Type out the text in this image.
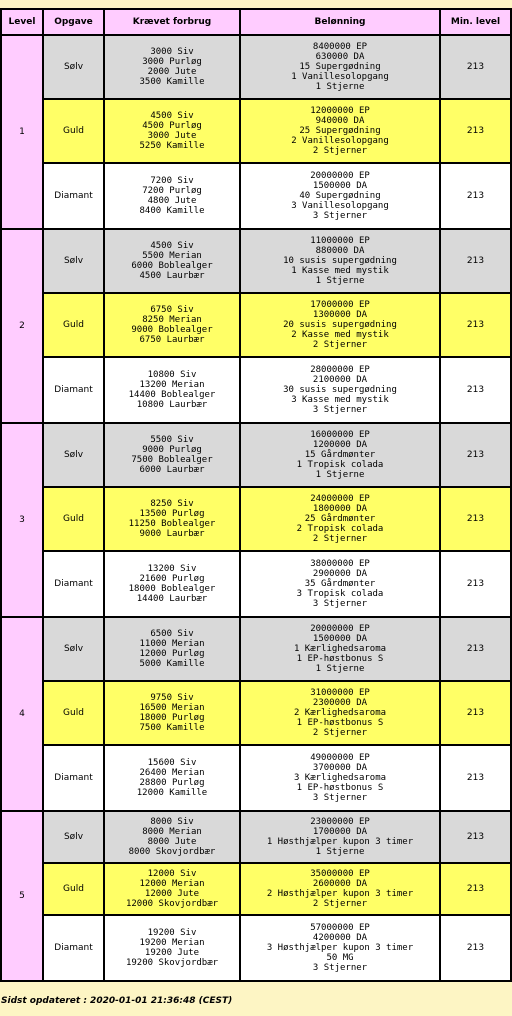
Level	Opgave	Krævet forbrug	Belønning	Min. level
1	Sølv	3000 Siv
3000 Purløg
2000 Jute
3500 Kamille	8400000 EP
630000 DA
15 Supergødning
1 Vanillesolopgang
1 Stjerne	213
	Guld	4500 Siv
4500 Purløg
3000 Jute
5250 Kamille	12000000 EP
940000 DA
25 Supergødning
2 Vanillesolopgang
2 Stjerner	213
	Diamant	7200 Siv
7200 Purløg
4800 Jute
8400 Kamille	20000000 EP
1500000 DA
40 Supergødning
3 Vanillesolopgang
3 Stjerner	213
2	Sølv	4500 Siv
5500 Merian
6000 Boblealger
4500 Laurbær	11000000 EP
880000 DA
10 susis supergødning
1 Kasse med mystik
1 Stjerne	213
	Guld	6750 Siv
8250 Merian
9000 Boblealger
6750 Laurbær	17000000 EP
1300000 DA
20 susis supergødning
2 Kasse med mystik
2 Stjerner	213
	Diamant	10800 Siv
13200 Merian
14400 Boblealger
10800 Laurbær	28000000 EP
2100000 DA
30 susis supergødning
3 Kasse med mystik
3 Stjerner	213
3	Sølv	5500 Siv
9000 Purløg
7500 Boblealger
6000 Laurbær	16000000 EP
1200000 DA
15 Gårdmønter
1 Tropisk colada
1 Stjerne	213
	Guld	8250 Siv
13500 Purløg
11250 Boblealger
9000 Laurbær	24000000 EP
1800000 DA
25 Gårdmønter
2 Tropisk colada
2 Stjerner	213
	Diamant	13200 Siv
21600 Purløg
18000 Boblealger
14400 Laurbær	38000000 EP
2900000 DA
35 Gårdmønter
3 Tropisk colada
3 Stjerner	213
4	Sølv	6500 Siv
11000 Merian
12000 Purløg
5000 Kamille	20000000 EP
1500000 DA
1 Kærlighedsaroma
1 EP-høstbonus S
1 Stjerne	213
	Guld	9750 Siv
16500 Merian
18000 Purløg
7500 Kamille	31000000 EP
2300000 DA
2 Kærlighedsaroma
1 EP-høstbonus S
2 Stjerner	213
	Diamant	15600 Siv
26400 Merian
28800 Purløg
12000 Kamille	49000000 EP
3700000 DA
3 Kærlighedsaroma
1 EP-høstbonus S
3 Stjerner	213
5	Sølv	8000 Siv
8000 Merian
8000 Jute
8000 Skovjordbær	23000000 EP
1700000 DA
1 Høsthjælper kupon 3 timer
1 Stjerne	213
	Guld	12000 Siv
12000 Merian
12000 Jute
12000 Skovjordbær	35000000 EP
2600000 DA
2 Høsthjælper kupon 3 timer
2 Stjerner	213
	Diamant	19200 Siv
19200 Merian
19200 Jute
19200 Skovjordbær	57000000 EP
4200000 DA
3 Høsthjælper kupon 3 timer
50 MG
3 Stjerner	213
Sidst opdateret : 2020-01-01 21:36:48 (CEST)
